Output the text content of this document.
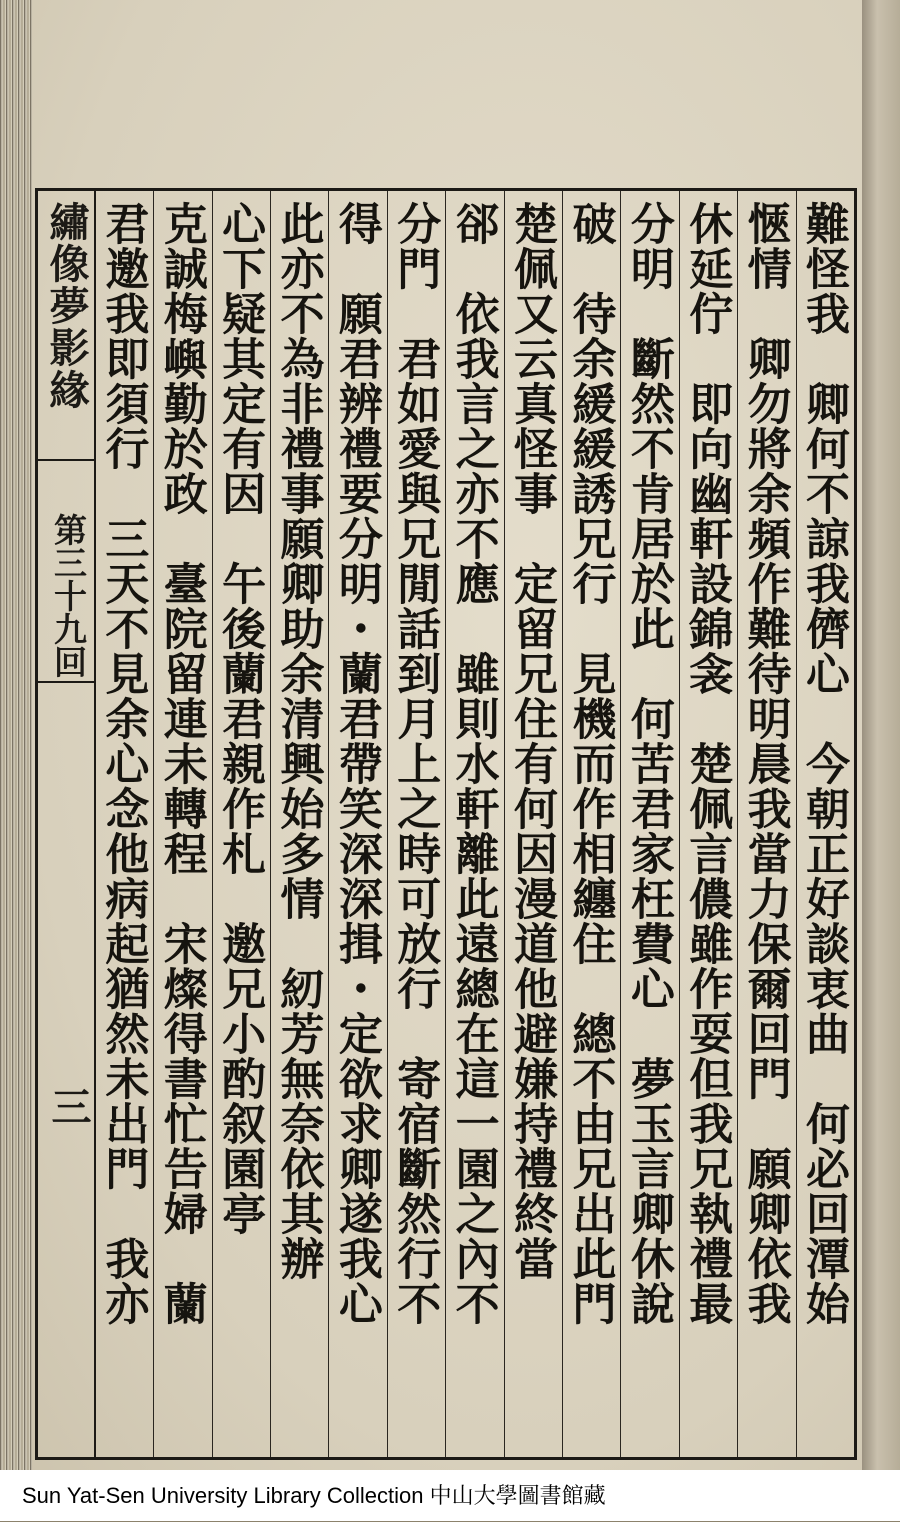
繡像夢影緣
第三十九回
三	難怪我　卿何不諒我儕心　今朝正好談衷曲　何必回潭始
愜情　卿勿將余頻作難待明晨我當力保爾回門　願卿依我
休延佇　即向幽軒設錦衾　楚佩言儂雖作耍但我兄執禮最
分明　斷然不肯居於此　何苦君家枉費心　夢玉言卿休說
破　待余緩緩誘兄行　見機而作相纏住　總不由兄出此門
楚佩又云真怪事　定留兄住有何因漫道他避嫌持禮終當
郤　依我言之亦不應　雖則水軒離此遠總在這一園之內不
分門　君如愛與兄閒話到月上之時可放行　寄宿斷然行不
得　願君辨禮要分明・蘭君帶笑深深揖・定欲求卿遂我心
此亦不為非禮事願卿助余清興始多情　紉芳無奈依其辦
心下疑其定有因　午後蘭君親作札　邀兄小酌叙園亭
克誠梅嶼勤於政　臺院留連未轉程　宋燦得書忙告婦　蘭
君邀我即須行　三天不見余心念他病起猶然未出門　我亦
Sun Yat-Sen University Library Collection 中山大學圖書館藏
